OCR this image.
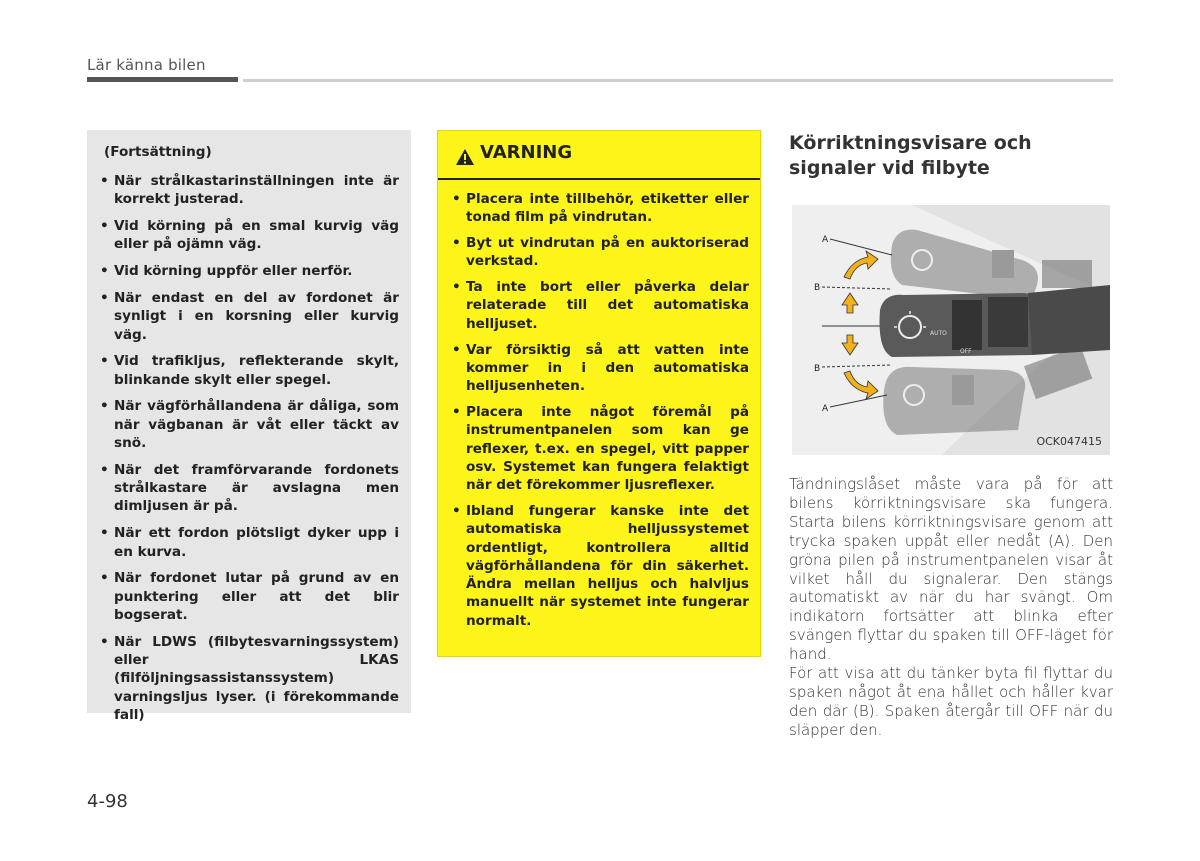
Lär känna bilen
(Fortsättning)
• När strålkastarinställningen inte är korrekt justerad.
• Vid körning på en smal kurvig väg eller på ojämn väg.
• Vid körning uppför eller nerför.
• När endast en del av fordonet är synligt i en korsning eller kurvig väg.
• Vid trafikljus, reflekterande skylt, blinkande skylt eller spegel.
• När vägförhållandena är dåliga, som när vägbanan är våt eller täckt av snö.
• När det framförvarande fordonets strålkastare är avslagna men dimljusen är på.
• När ett fordon plötsligt dyker upp i en kurva.
• När fordonet lutar på grund av en punktering eller att det blir bogserat.
• När LDWS (filbytesvarningssystem) eller LKAS (filföljningsassistanssystem) varningsljus lyser. (i förekommande fall)
VARNING
• Placera inte tillbehör, etiketter eller tonad film på vindrutan.
• Byt ut vindrutan på en auktoriserad verkstad.
• Ta inte bort eller påverka delar relaterade till det automatiska helljuset.
• Var försiktig så att vatten inte kommer in i den automatiska helljusenheten.
• Placera inte något föremål på instrumentpanelen som kan ge reflexer, t.ex. en spegel, vitt papper osv. Systemet kan fungera felaktigt när det förekommer ljusreflexer.
• Ibland fungerar kanske inte det automatiska helljussystemet ordentligt, kontrollera alltid vägförhållandena för din säkerhet. Ändra mellan helljus och halvljus manuellt när systemet inte fungerar normalt.
Körriktningsvisare och signaler vid filbyte
AUTO
OFF
A
B
B
A
OCK047415

Tändningslåset måste vara på för att bilens körriktningsvisare ska fungera. Starta bilens körriktningsvisare genom att trycka spaken uppåt eller nedåt (A). Den gröna pilen på instrumentpanelen visar åt vilket håll du signalerar. Den stängs automatiskt av när du har svängt. Om indikatorn fortsätter att blinka efter svängen flyttar du spaken till OFF-läget för hand.

För att visa att du tänker byta fil flyttar du spaken något åt ena hållet och håller kvar den där (B). Spaken återgår till OFF när du släpper den.

4-98
